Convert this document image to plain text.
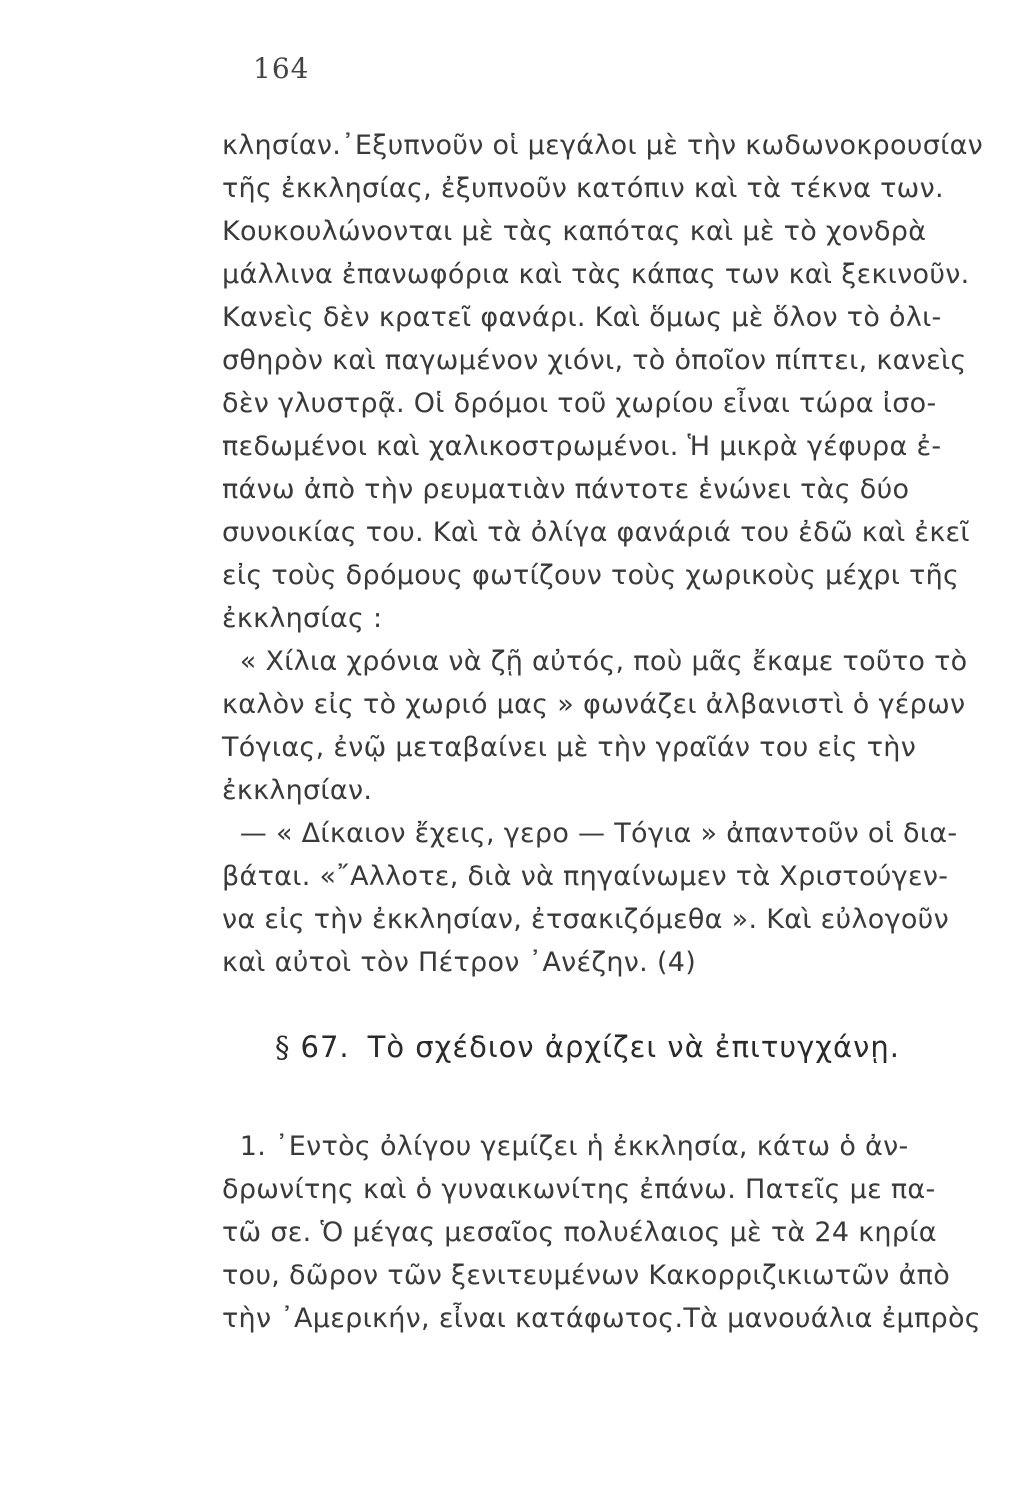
164
κλησίαν.᾽Εξυπνοῦν οἱ μεγάλοι μὲ τὴν κωδωνοκρουσίαν
τῆς ἐκκλησίας, ἐξυπνοῦν κατόπιν καὶ τὰ τέκνα των.
Κουκουλώνονται μὲ τὰς καπότας καὶ μὲ τὸ χονδρὰ
μάλλινα ἐπανωφόρια καὶ τὰς κάπας των καὶ ξεκινοῦν.
Κανεὶς δὲν κρατεῖ φανάρι. Καὶ ὅμως μὲ ὅλον τὸ ὀλι-
σθηρὸν καὶ παγωμένον χιόνι, τὸ ὁποῖον πίπτει, κανεὶς
δὲν γλυστρᾷ. Οἱ δρόμοι τοῦ χωρίου εἶναι τώρα ἰσο-
πεδωμένοι καὶ χαλικοστρωμένοι. Ἡ μικρὰ γέφυρα ἐ-
πάνω ἀπὸ τὴν ρευματιὰν πάντοτε ἑνώνει τὰς δύο
συνοικίας του. Καὶ τὰ ὀλίγα φανάριά του ἐδῶ καὶ ἐκεῖ
εἰς τοὺς δρόμους φωτίζουν τοὺς χωρικοὺς μέχρι τῆς
ἐκκλησίας :
« Χίλια χρόνια νὰ ζῇ αὐτός, ποὺ μᾶς ἔκαμε τοῦτο τὸ
καλὸν εἰς τὸ χωριό μας » φωνάζει ἀλβανιστὶ ὁ γέρων
Τόγιας, ἐνῷ μεταβαίνει μὲ τὴν γραῖάν του εἰς τὴν
ἐκκλησίαν.
— « Δίκαιον ἔχεις, γερο — Τόγια » ἀπαντοῦν οἱ δια-
βάται. «῎Αλλοτε, διὰ νὰ πηγαίνωμεν τὰ Χριστούγεν-
να εἰς τὴν ἐκκλησίαν, ἐτσακιζόμεθα ». Καὶ εὐλογοῦν
καὶ αὐτοὶ τὸν Πέτρον ᾽Ανέζην. (4)
§ 67. Τὸ σχέδιον ἀρχίζει νὰ ἐπιτυγχάνῃ.
1. ᾽Εντὸς ὀλίγου γεμίζει ἡ ἐκκλησία, κάτω ὁ ἀν-
δρωνίτης καὶ ὁ γυναικωνίτης ἐπάνω. Πατεῖς με πα-
τῶ σε. Ὁ μέγας μεσαῖος πολυέλαιος μὲ τὰ 24 κηρία
του, δῶρον τῶν ξενιτευμένων Κακορριζικιωτῶν ἀπὸ
τὴν ᾽Αμερικήν, εἶναι κατάφωτος.Τὰ μανουάλια ἐμπρὸς
